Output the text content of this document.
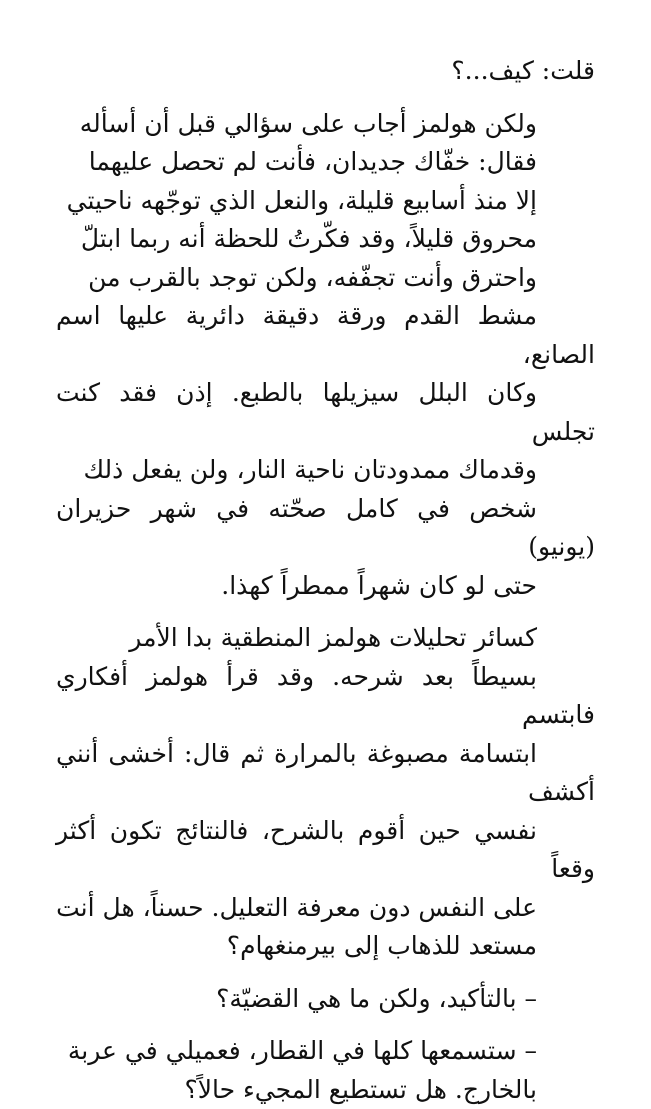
قلت: كيف...؟

ولكن هولمز أجاب على سؤالي قبل أن أسأله
فقال: خفّاك جديدان، فأنت لم تحصل عليهما
إلا منذ أسابيع قليلة، والنعل الذي توجّهه ناحيتي
محروق قليلاً، وقد فكّرتُ للحظة أنه ربما ابتلّ
واحترق وأنت تجفّفه، ولكن توجد بالقرب من
مشط القدم ورقة دقيقة دائرية عليها اسم الصانع،
وكان البلل سيزيلها بالطبع. إذن فقد كنت تجلس
وقدماك ممدودتان ناحية النار، ولن يفعل ذلك
شخص في كامل صحّته في شهر حزيران (يونيو)
حتى لو كان شهراً ممطراً كهذا.

كسائر تحليلات هولمز المنطقية بدا الأمر
بسيطاً بعد شرحه. وقد قرأ هولمز أفكاري فابتسم
ابتسامة مصبوغة بالمرارة ثم قال: أخشى أنني أكشف
نفسي حين أقوم بالشرح، فالنتائج تكون أكثر وقعاً
على النفس دون معرفة التعليل. حسناً، هل أنت
مستعد للذهاب إلى بيرمنغهام؟

– بالتأكيد، ولكن ما هي القضيّة؟

– ستسمعها كلها في القطار، فعميلي في عربة
بالخارج. هل تستطيع المجيء حالاً؟
